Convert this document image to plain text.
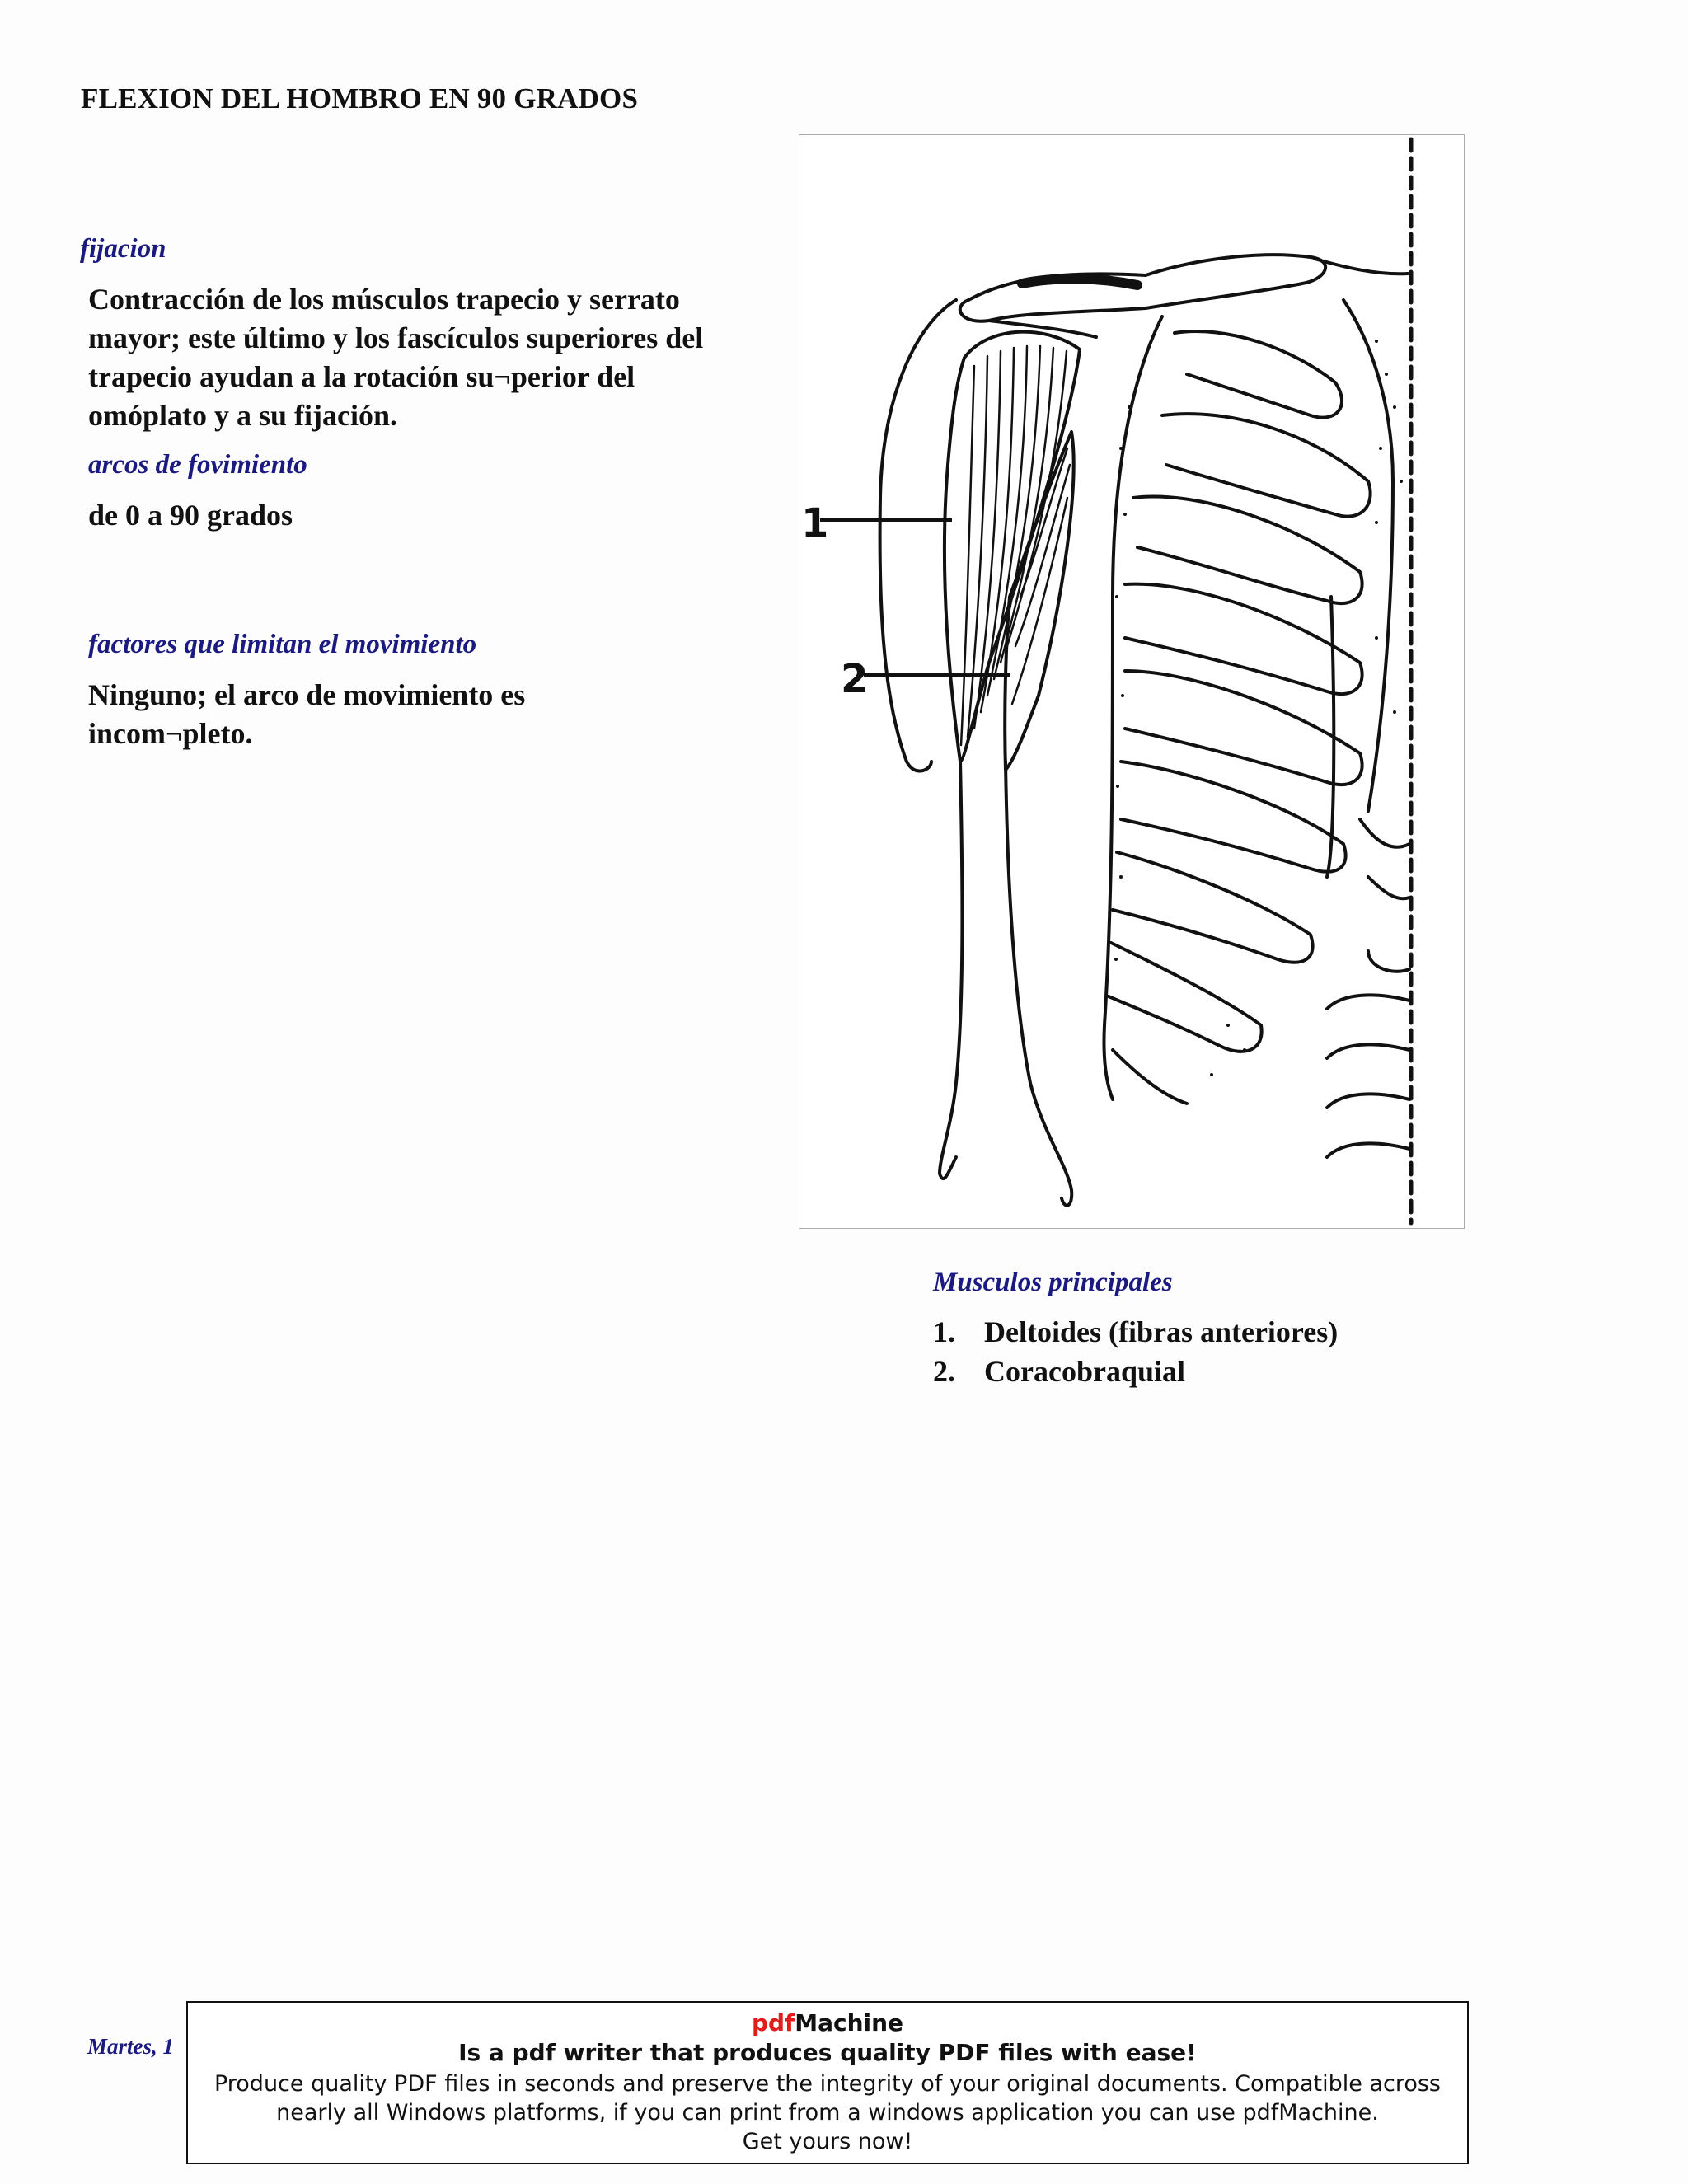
FLEXION DEL HOMBRO EN 90 GRADOS
fijacion
Contracción de los músculos trapecio y serrato
mayor; este último y los fascículos superiores del
trapecio ayudan a la rotación su¬perior del
omóplato y a su fijación.
arcos de fovimiento
de 0 a 90 grados
factores que limitan el movimiento
Ninguno; el arco de movimiento es
incom¬pleto.
1
2
Musculos principales
1. Deltoides (fibras anteriores)
2. Coracobraquial
Martes, 1
pdfMachine
Is a pdf writer that produces quality PDF files with ease!
Produce quality PDF files in seconds and preserve the integrity of your original documents. Compatible across
nearly all Windows platforms, if you can print from a windows application you can use pdfMachine.
Get yours now!
